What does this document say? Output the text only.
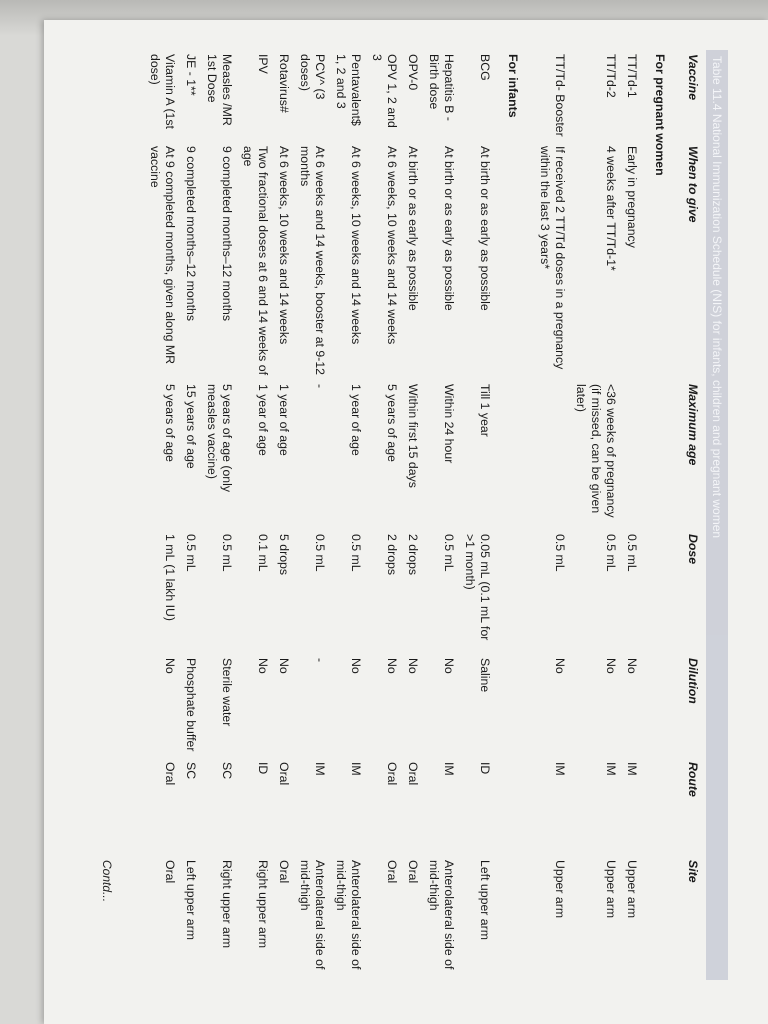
Table 11.4 National Immunization Schedule (NIS) for infants, children and pregnant women
Vaccine	When to give	Maximum age	Dose	Dilution	Route	Site
For pregnant women						
TT/Td-1	Early in pregnancy		0.5 mL	No	IM	Upper arm
TT/Td-2	4 weeks after TT/Td-1*	<36 weeks of pregnancy (if missed, can be given later)	0.5 mL	No	IM	Upper arm
TT/Td- Booster	If received 2 TT/Td doses in a pregnancy within the last 3 years*		0.5 mL	No	IM	Upper arm
For infants						
BCG	At birth or as early as possible	Till 1 year	0.05 mL (0.1 mL for >1 month)	Saline	ID	Left upper arm
Hepatitis B - Birth dose	At birth or as early as possible	Within 24 hour	0.5 mL	No	IM	Anterolateral side of mid-thigh
OPV-0	At birth or as early as possible	Within first 15 days	2 drops	No	Oral	Oral
OPV 1, 2 and 3	At 6 weeks, 10 weeks and 14 weeks	5 years of age	2 drops	No	Oral	Oral
Pentavalent$ 1, 2 and 3	At 6 weeks, 10 weeks and 14 weeks	1 year of age	0.5 mL	No	IM	Anterolateral side of mid-thigh
PCV^ (3 doses)	At 6 weeks and 14 weeks, booster at 9-12 months	-	0.5 mL	-	IM	Anterolateral side of mid-thigh
Rotavirus#	At 6 weeks, 10 weeks and 14 weeks	1 year of age	5 drops	No	Oral	Oral
IPV	Two fractional doses at 6 and 14 weeks of age	1 year of age	0.1 mL	No	ID	Right upper arm
Measles /MR 1st Dose	9 completed months–12 months	5 years of age (only measles vaccine)	0.5 mL	Sterile water	SC	Right upper arm
JE - 1**	9 completed months–12 months	15 years of age	0.5 mL	Phosphate buffer	SC	Left upper arm
Vitamin A (1st dose)	At 9 completed months, given along MR vaccine	5 years of age	1 mL (1 lakh IU)	No	Oral	Oral
Contd...
